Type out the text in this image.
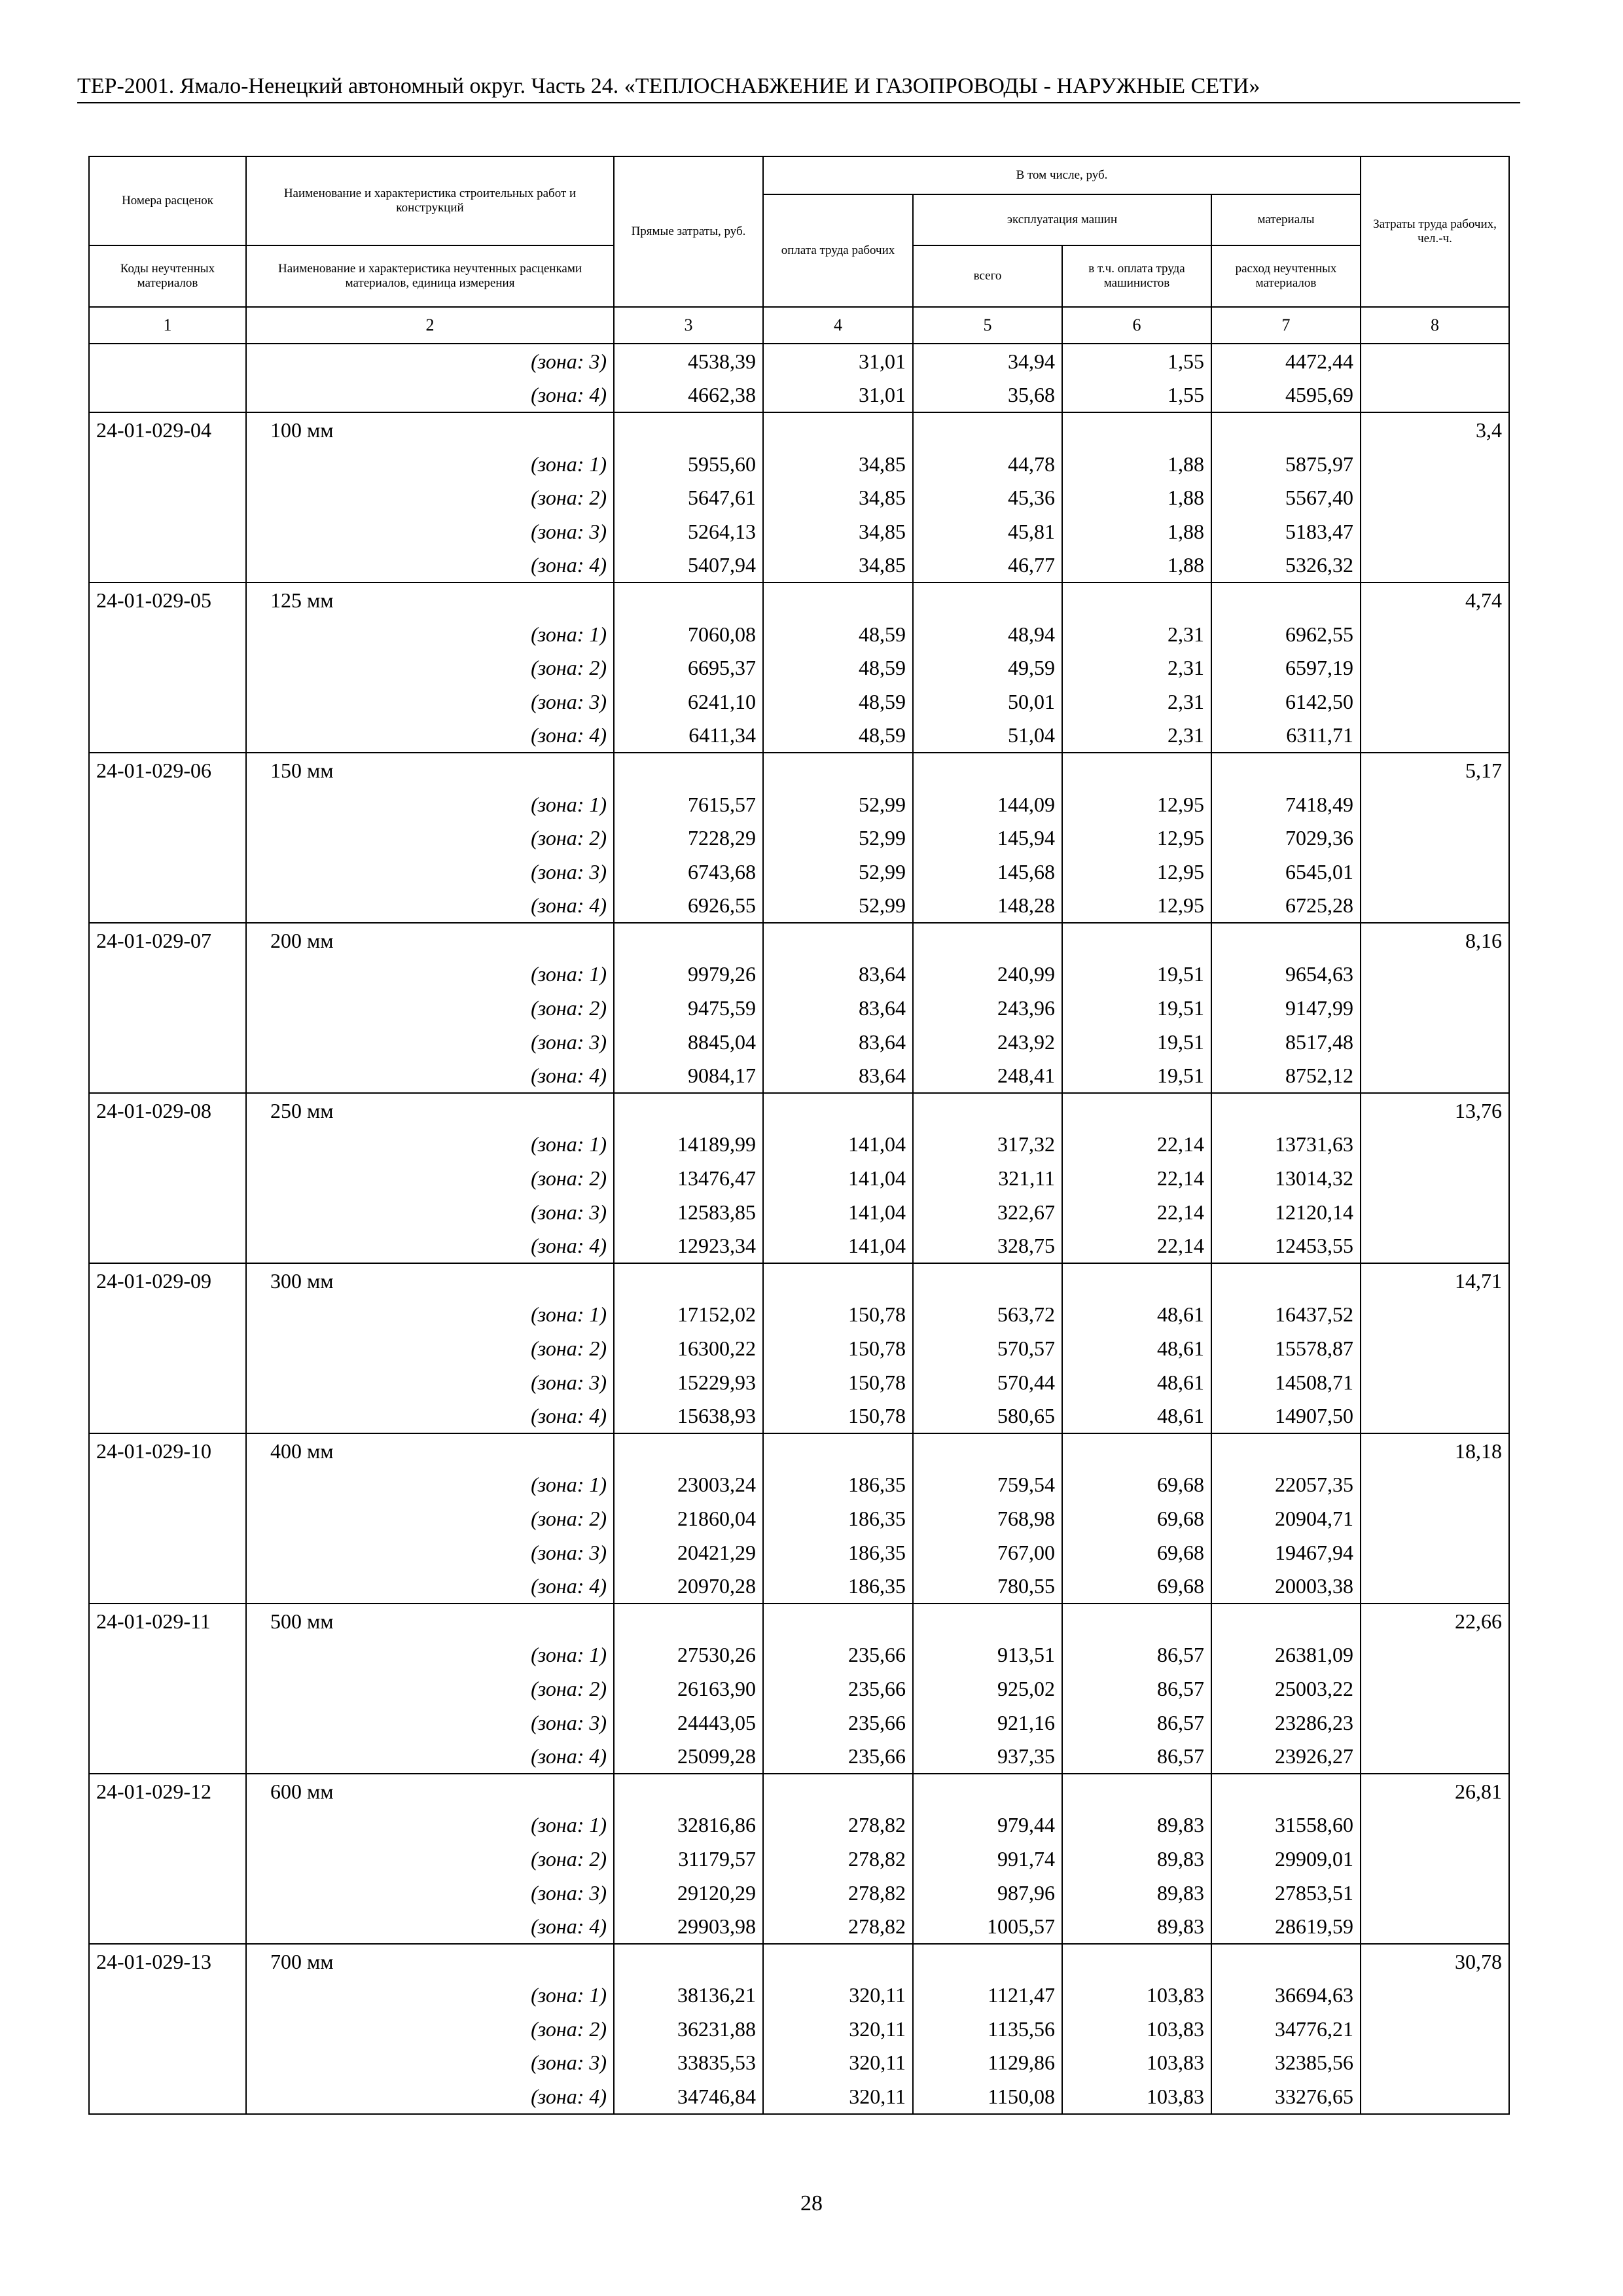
ТЕР-2001. Ямало-Ненецкий автономный округ. Часть 24. «ТЕПЛОСНАБЖЕНИЕ И ГАЗОПРОВОДЫ - НАРУЖНЫЕ СЕТИ»
Номера расценок	Наименование и характеристика строительных работ и конструкций	Прямые затраты, руб.	В том числе, руб.				Затраты труда рабочих, чел.-ч.
			оплата труда рабочих	эксплуатация машин		материалы	
Коды неучтенных материалов	Наименование и характеристика неучтенных расценками материалов, единица измерения			всего	в т.ч. оплата труда машинистов	расход неучтенных материалов	
1	2	3	4	5	6	7	8
	(зона: 3)	4538,39	31,01	34,94	1,55	4472,44	
	(зона: 4)	4662,38	31,01	35,68	1,55	4595,69	
24-01-029-04	100 мм						3,4
	(зона: 1)	5955,60	34,85	44,78	1,88	5875,97	
	(зона: 2)	5647,61	34,85	45,36	1,88	5567,40	
	(зона: 3)	5264,13	34,85	45,81	1,88	5183,47	
	(зона: 4)	5407,94	34,85	46,77	1,88	5326,32	
24-01-029-05	125 мм						4,74
	(зона: 1)	7060,08	48,59	48,94	2,31	6962,55	
	(зона: 2)	6695,37	48,59	49,59	2,31	6597,19	
	(зона: 3)	6241,10	48,59	50,01	2,31	6142,50	
	(зона: 4)	6411,34	48,59	51,04	2,31	6311,71	
24-01-029-06	150 мм						5,17
	(зона: 1)	7615,57	52,99	144,09	12,95	7418,49	
	(зона: 2)	7228,29	52,99	145,94	12,95	7029,36	
	(зона: 3)	6743,68	52,99	145,68	12,95	6545,01	
	(зона: 4)	6926,55	52,99	148,28	12,95	6725,28	
24-01-029-07	200 мм						8,16
	(зона: 1)	9979,26	83,64	240,99	19,51	9654,63	
	(зона: 2)	9475,59	83,64	243,96	19,51	9147,99	
	(зона: 3)	8845,04	83,64	243,92	19,51	8517,48	
	(зона: 4)	9084,17	83,64	248,41	19,51	8752,12	
24-01-029-08	250 мм						13,76
	(зона: 1)	14189,99	141,04	317,32	22,14	13731,63	
	(зона: 2)	13476,47	141,04	321,11	22,14	13014,32	
	(зона: 3)	12583,85	141,04	322,67	22,14	12120,14	
	(зона: 4)	12923,34	141,04	328,75	22,14	12453,55	
24-01-029-09	300 мм						14,71
	(зона: 1)	17152,02	150,78	563,72	48,61	16437,52	
	(зона: 2)	16300,22	150,78	570,57	48,61	15578,87	
	(зона: 3)	15229,93	150,78	570,44	48,61	14508,71	
	(зона: 4)	15638,93	150,78	580,65	48,61	14907,50	
24-01-029-10	400 мм						18,18
	(зона: 1)	23003,24	186,35	759,54	69,68	22057,35	
	(зона: 2)	21860,04	186,35	768,98	69,68	20904,71	
	(зона: 3)	20421,29	186,35	767,00	69,68	19467,94	
	(зона: 4)	20970,28	186,35	780,55	69,68	20003,38	
24-01-029-11	500 мм						22,66
	(зона: 1)	27530,26	235,66	913,51	86,57	26381,09	
	(зона: 2)	26163,90	235,66	925,02	86,57	25003,22	
	(зона: 3)	24443,05	235,66	921,16	86,57	23286,23	
	(зона: 4)	25099,28	235,66	937,35	86,57	23926,27	
24-01-029-12	600 мм						26,81
	(зона: 1)	32816,86	278,82	979,44	89,83	31558,60	
	(зона: 2)	31179,57	278,82	991,74	89,83	29909,01	
	(зона: 3)	29120,29	278,82	987,96	89,83	27853,51	
	(зона: 4)	29903,98	278,82	1005,57	89,83	28619,59	
24-01-029-13	700 мм						30,78
	(зона: 1)	38136,21	320,11	1121,47	103,83	36694,63	
	(зона: 2)	36231,88	320,11	1135,56	103,83	34776,21	
	(зона: 3)	33835,53	320,11	1129,86	103,83	32385,56	
	(зона: 4)	34746,84	320,11	1150,08	103,83	33276,65	
28
